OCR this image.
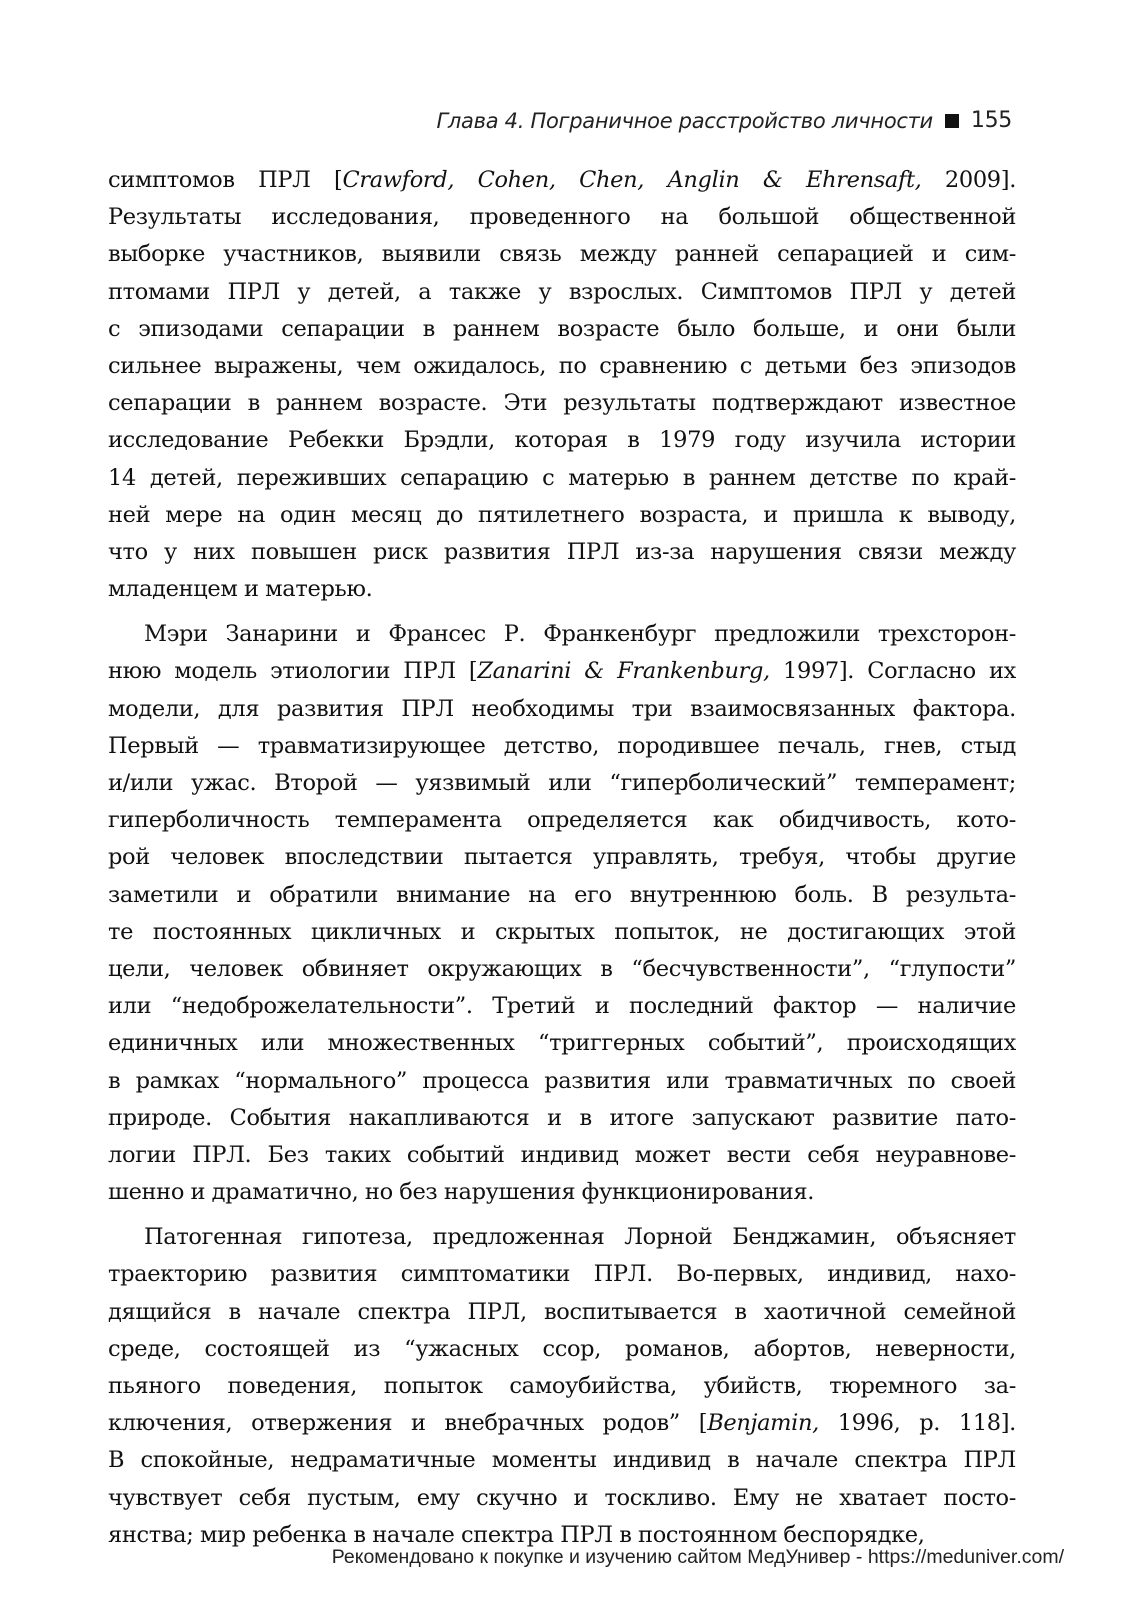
Глава 4. Пограничное расстройство личности 155

симптомов ПРЛ [Crawford, Cohen, Chen, Anglin & Ehrensaft, 2009].
Результаты исследования, проведенного на большой общественной
выборке участников, выявили связь между ранней сепарацией и сим-
птомами ПРЛ у детей, а также у взрослых. Симптомов ПРЛ у детей
с эпизодами сепарации в раннем возрасте было больше, и они были
сильнее выражены, чем ожидалось, по сравнению с детьми без эпизодов
сепарации в раннем возрасте. Эти результаты подтверждают известное
исследование Ребекки Брэдли, которая в 1979 году изучила истории
14 детей, переживших сепарацию с матерью в раннем детстве по край-
ней мере на один месяц до пятилетнего возраста, и пришла к выводу,
что у них повышен риск развития ПРЛ из-за нарушения связи между
младенцем и матерью.

Мэри Занарини и Франсес Р. Франкенбург предложили трехсторон-
нюю модель этиологии ПРЛ [Zanarini & Frankenburg, 1997]. Согласно их
модели, для развития ПРЛ необходимы три взаимосвязанных фактора.
Первый — травматизирующее детство, породившее печаль, гнев, стыд
и/или ужас. Второй — уязвимый или “гиперболический” темперамент;
гиперболичность темперамента определяется как обидчивость, кото-
рой человек впоследствии пытается управлять, требуя, чтобы другие
заметили и обратили внимание на его внутреннюю боль. В результа-
те постоянных цикличных и скрытых попыток, не достигающих этой
цели, человек обвиняет окружающих в “бесчувственности”, “глупости”
или “недоброжелательности”. Третий и последний фактор — наличие
единичных или множественных “триггерных событий”, происходящих
в рамках “нормального” процесса развития или травматичных по своей
природе. События накапливаются и в итоге запускают развитие пато-
логии ПРЛ. Без таких событий индивид может вести себя неуравнове-
шенно и драматично, но без нарушения функционирования.

Патогенная гипотеза, предложенная Лорной Бенджамин, объясняет
траекторию развития симптоматики ПРЛ. Во-первых, индивид, нахо-
дящийся в начале спектра ПРЛ, воспитывается в хаотичной семейной
среде, состоящей из “ужасных ссор, романов, абортов, неверности,
пьяного поведения, попыток самоубийства, убийств, тюремного за-
ключения, отвержения и внебрачных родов” [Benjamin, 1996, p. 118].
В спокойные, недраматичные моменты индивид в начале спектра ПРЛ
чувствует себя пустым, ему скучно и тоскливо. Ему не хватает посто-
янства; мир ребенка в начале спектра ПРЛ в постоянном беспорядке,

Рекомендовано к покупке и изучению сайтом МедУнивер - https://meduniver.com/
